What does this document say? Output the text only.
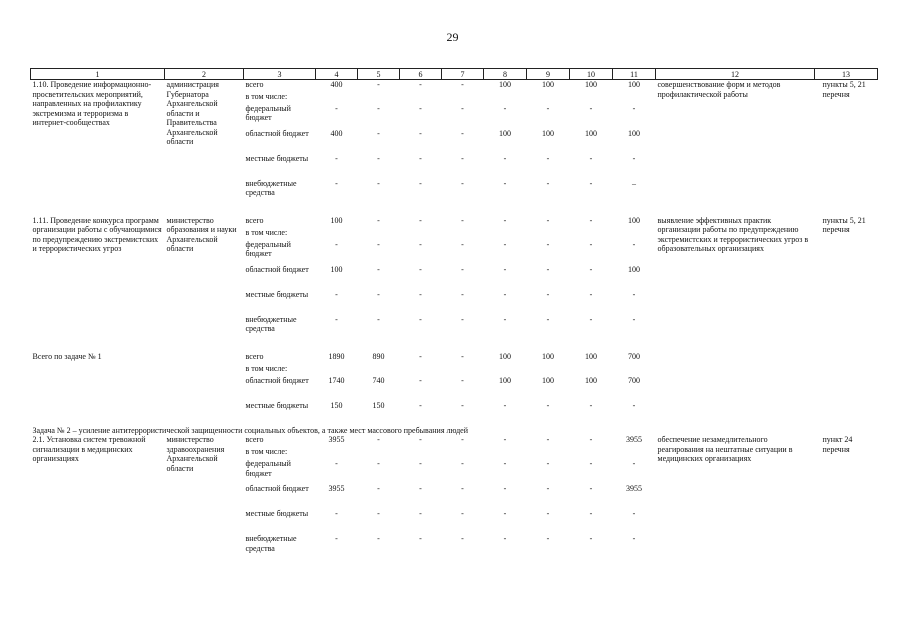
29
1	2	3	4	5	6	7	8	9	10	11	12	13
1.10. Проведение информационно-просветительских мероприятий, направленных на профилактику экстремизма и терроризма в интернет-сообществах	администрация Губернатора Архангельской области и Правительства Архангельской области	всего	400	-	-	-	100	100	100	100	совершенствование форм и методов профилактической работы	пункты 5, 21 перечня
		в том числе:										
		федеральный бюджет	-	-	-	-	-	-	-	-		
		областной бюджет	400	-	-	-	100	100	100	100		
		местные бюджеты	-	-	-	-	-	-	-	-		
		внебюджетные средства	-	-	-	-	-	-	-	–		

1.11. Проведение конкурса программ организации работы с обучающимися по предупреждению экстремистских и террористических угроз	министерство образования и науки Архангельской области	всего	100	-	-	-	-	-	-	100	выявление эффективных практик организации работы по предупреждению экстремистских и террористических угроз в образовательных организациях	пункты 5, 21 перечня
		в том числе:										
		федеральный бюджет	-	-	-	-	-	-	-	-		
		областной бюджет	100	-	-	-	-	-	-	100		
		местные бюджеты	-	-	-	-	-	-	-	-		
		внебюджетные средства	-	-	-	-	-	-	-	-		

Всего по задаче № 1		всего	1890	890	-	-	100	100	100	700		
		в том числе:										
		областной бюджет	1740	740	-	-	100	100	100	700		
		местные бюджеты	150	150	-	-	-	-	-	-		

Задача № 2 – усиление антитеррористической защищенности социальных объектов, а также мест массового пребывания людей												
2.1. Установка систем тревожной сигнализации в медицинских организациях	министерство здравоохранения Архангельской области	всего	3955	-	-	-	-	-	-	3955	обеспечение незамедлительного реагирования на нештатные ситуации в медицинских организациях	пункт 24 перечня
		в том числе:										
		федеральный бюджет	-	-	-	-	-	-	-	-		
		областной бюджет	3955	-	-	-	-	-	-	3955		
		местные бюджеты	-	-	-	-	-	-	-	-		
		внебюджетные средства	-	-	-	-	-	-	-	-		
